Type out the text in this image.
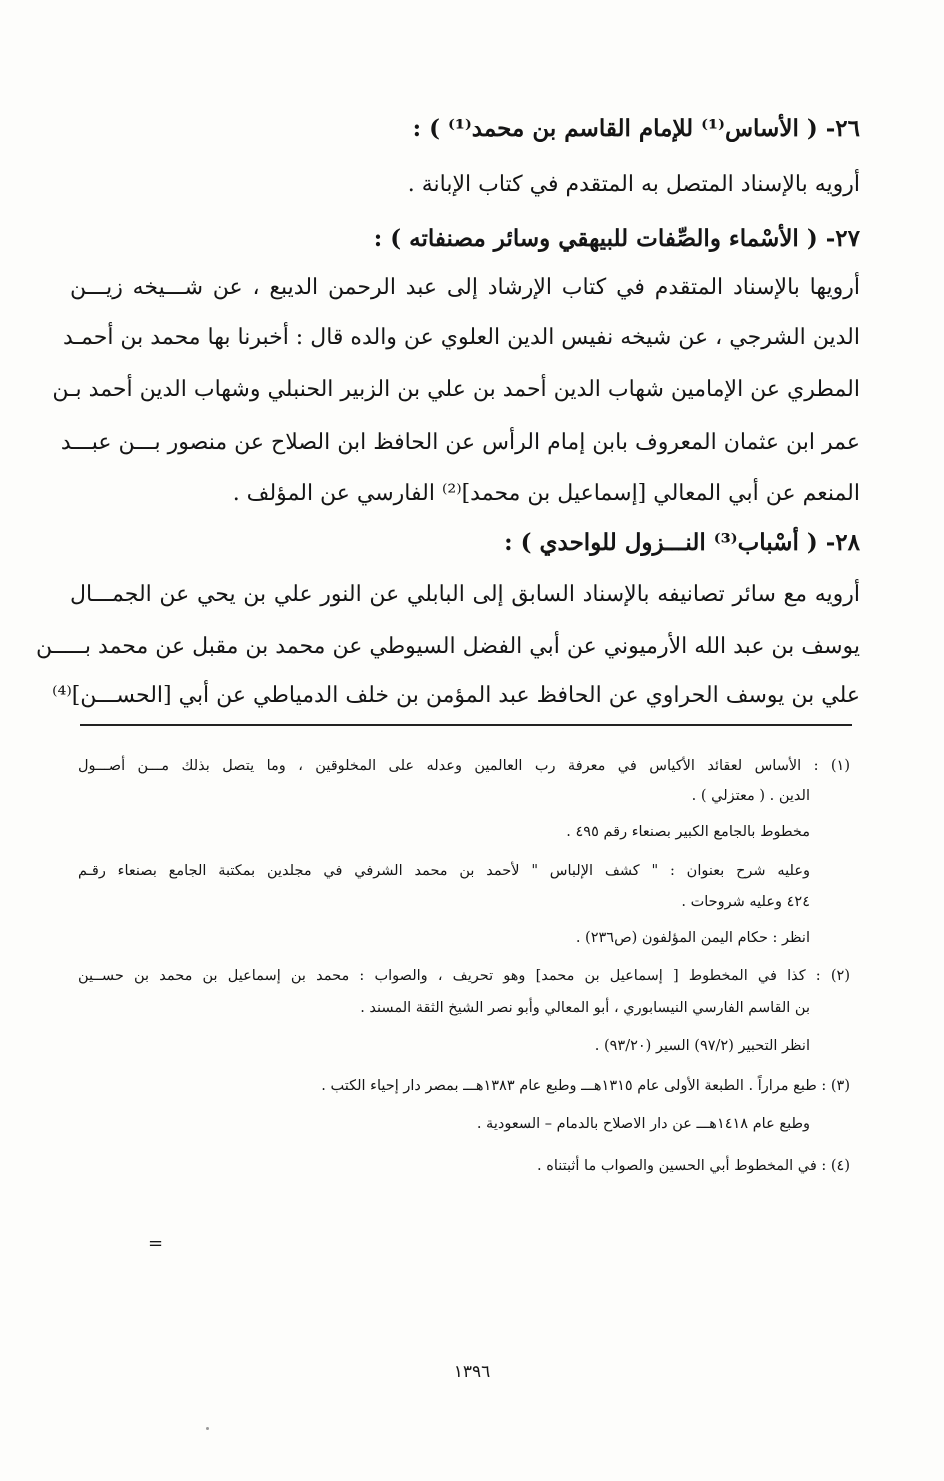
٢٦- ( الأساس⁽¹⁾ للإمام القاسم بن محمد⁽¹⁾ ) :
أرويه بالإسناد المتصل به المتقدم في كتاب الإبانة .
٢٧- ( الأسْماء والصِّفات للبيهقي وسائر مصنفاته ) :
أرويها بالإسناد المتقدم في كتاب الإرشاد إلى عبد الرحمن الديبع ، عن شـــيخه زيـــن
الدين الشرجي ، عن شيخه نفيس الدين العلوي عن والده قال : أخبرنا بها محمد بن أحمـد
المطري عن الإمامين شهاب الدين أحمد بن علي بن الزبير الحنبلي وشهاب الدين أحمد بـن
عمر ابن عثمان المعروف بابن إمام الرأس عن الحافظ ابن الصلاح عن منصور بـــن عبـــد
المنعم عن أبي المعالي [إسماعيل بن محمد]⁽²⁾ الفارسي عن المؤلف .
٢٨- ( أسْباب⁽³⁾ النـــزول للواحدي ) :
أرويه مع سائر تصانيفه بالإسناد السابق إلى البابلي عن النور علي بن يحي عن الجمـــال
يوسف بن عبد الله الأرميوني عن أبي الفضل السيوطي عن محمد بن مقبل عن محمد بـــــن
علي بن يوسف الحراوي عن الحافظ عبد المؤمن بن خلف الدمياطي عن أبي [الحســـن]⁽⁴⁾
(١) : الأساس لعقائد الأكياس في معرفة رب العالمين وعدله على المخلوقين ، وما يتصل بذلك مـــن أصـــول
الدين . ( معتزلي ) .
مخطوط بالجامع الكبير بصنعاء رقم ٤٩٥ .
وعليه شرح بعنوان : " كشف الإلباس " لأحمد بن محمد الشرفي في مجلدين بمكتبة الجامع بصنعاء رقـم
٤٢٤ وعليه شروحات .
انظر : حكام اليمن المؤلفون (ص٢٣٦) .
(٢) : كذا في المخطوط [ إسماعيل بن محمد] وهو تحريف ، والصواب : محمد بن إسماعيل بن محمد بن حســين
بن القاسم الفارسي النيسابوري ، أبو المعالي وأبو نصر الشيخ الثقة المسند .
انظر التحبير (٩٧/٢) السير (٩٣/٢٠) .
(٣) : طبع مراراً . الطبعة الأولى عام ١٣١٥هـــ وطبع عام ١٣٨٣هـــ بمصر دار إحياء الكتب .
وطبع عام ١٤١٨هـــ عن دار الاصلاح بالدمام – السعودية .
(٤) : في المخطوط أبي الحسين والصواب ما أثبتناه .
=
١٣٩٦
